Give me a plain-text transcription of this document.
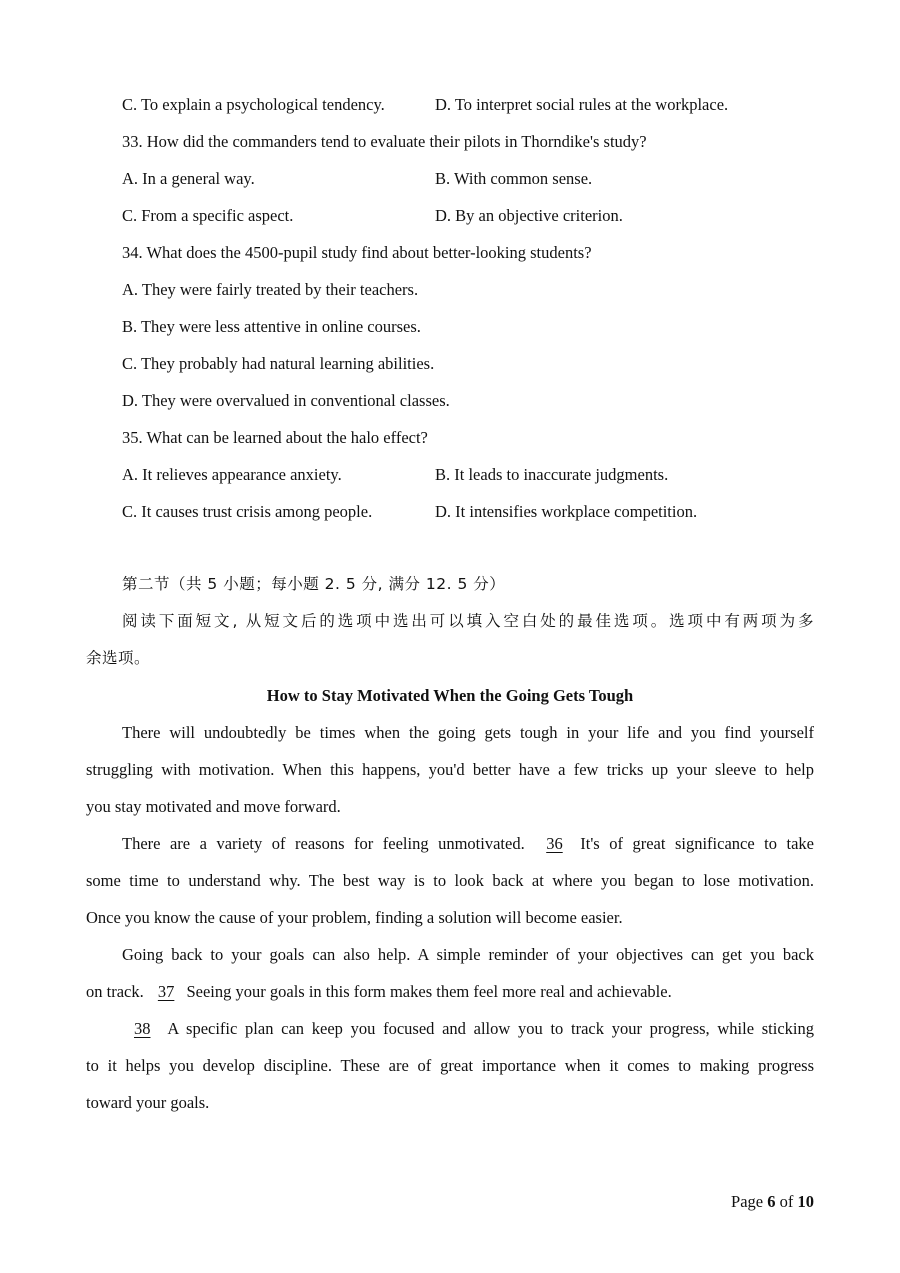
C. To explain a psychological tendency.	D. To interpret social rules at the workplace.
33. How did the commanders tend to evaluate their pilots in Thorndike's study?
A. In a general way.	B. With common sense.
C. From a specific aspect.	D. By an objective criterion.
34. What does the 4500-pupil study find about better-looking students?
A. They were fairly treated by their teachers.
B. They were less attentive in online courses.
C. They probably had natural learning abilities.
D. They were overvalued in conventional classes.
35. What can be learned about the halo effect?
A. It relieves appearance anxiety.	B. It leads to inaccurate judgments.
C. It causes trust crisis among people.	D. It intensifies workplace competition.
第二节（共 5 小题；每小题 2. 5 分, 满分 12. 5 分）
阅读下面短文, 从短文后的选项中选出可以填入空白处的最佳选项。选项中有两项为多
余选项。
How to Stay Motivated When the Going Gets Tough
There will undoubtedly be times when the going gets tough in your life and you find yourself
struggling with motivation. When this happens, you'd better have a few tricks up your sleeve to help
you stay motivated and move forward.
There are a variety of reasons for feeling unmotivated. 36 It's of great significance to take
some time to understand why. The best way is to look back at where you began to lose motivation.
Once you know the cause of your problem, finding a solution will become easier.
Going back to your goals can also help. A simple reminder of your objectives can get you back
on track. 37 Seeing your goals in this form makes them feel more real and achievable.
38 A specific plan can keep you focused and allow you to track your progress, while sticking
to it helps you develop discipline. These are of great importance when it comes to making progress
toward your goals.
Page 6 of 10
